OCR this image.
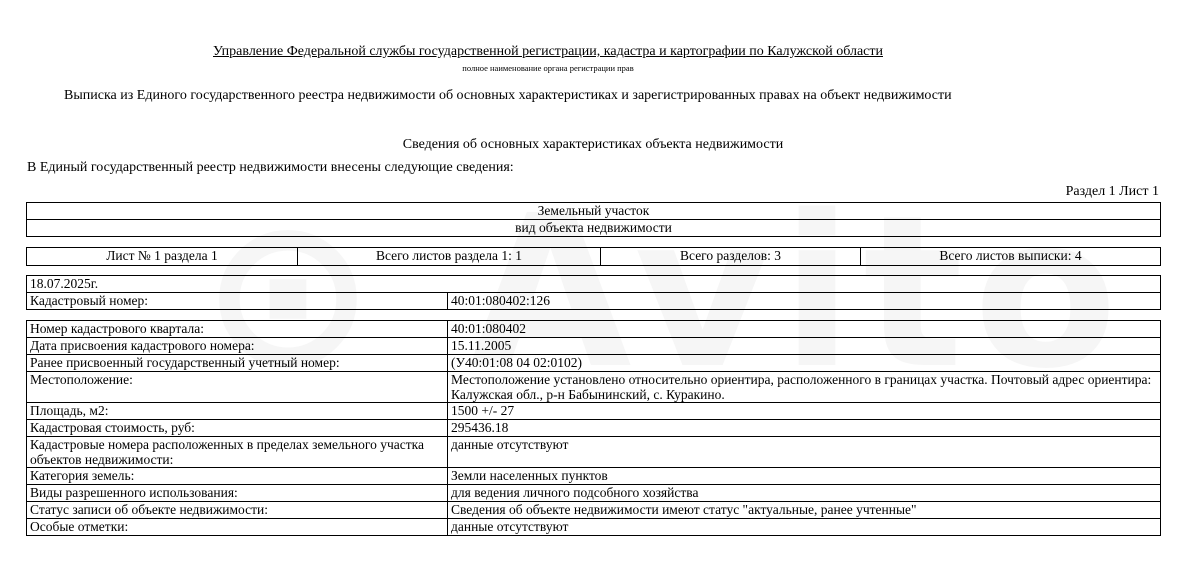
Управление Федеральной службы государственной регистрации, кадастра и картографии по Калужской области
полное наименование органа регистрации прав
Выписка из Единого государственного реестра недвижимости об основных характеристиках и зарегистрированных правах на объект недвижимости
Сведения об основных характеристиках объекта недвижимости
В Единый государственный реестр недвижимости внесены следующие сведения:
Раздел 1 Лист 1
Земельный участок
вид объекта недвижимости
Лист № 1 раздела 1	Всего листов раздела 1: 1	Всего разделов: 3	Всего листов выписки: 4
18.07.2025г.
Кадастровый номер:	40:01:080402:126
Номер кадастрового квартала:	40:01:080402
Дата присвоения кадастрового номера:	15.11.2005
Ранее присвоенный государственный учетный номер:	(У40:01:08 04 02:0102)
Местоположение:	Местоположение установлено относительно ориентира, расположенного в границах участка. Почтовый адрес ориентира: Калужская обл., р-н Бабынинский, с. Куракино.
Площадь, м2:	1500 +/- 27
Кадастровая стоимость, руб:	295436.18
Кадастровые номера расположенных в пределах земельного участка объектов недвижимости:	данные отсутствуют
Категория земель:	Земли населенных пунктов
Виды разрешенного использования:	для ведения личного подсобного хозяйства
Статус записи об объекте недвижимости:	Сведения об объекте недвижимости имеют статус "актуальные, ранее учтенные"
Особые отметки:	данные отсутствуют
